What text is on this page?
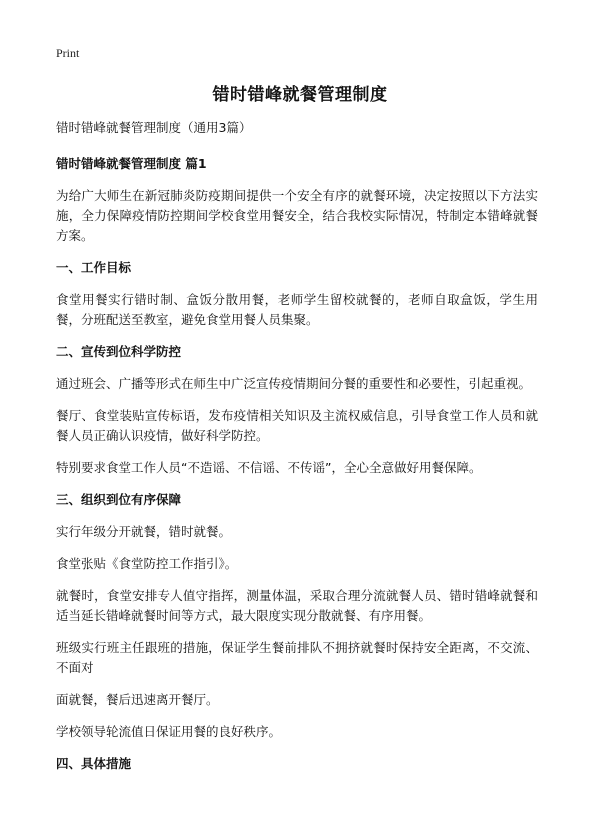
Print
错时错峰就餐管理制度

错时错峰就餐管理制度（通用3篇）

错时错峰就餐管理制度 篇1

为给广大师生在新冠肺炎防疫期间提供一个安全有序的就餐环境，决定按照以下方法实施，全力保障疫情防控期间学校食堂用餐安全，结合我校实际情况，特制定本错峰就餐方案。

一、工作目标

食堂用餐实行错时制、盒饭分散用餐，老师学生留校就餐的，老师自取盒饭，学生用餐，分班配送至教室，避免食堂用餐人员集聚。

二、宣传到位科学防控

通过班会、广播等形式在师生中广泛宣传疫情期间分餐的重要性和必要性，引起重视。

餐厅、食堂装贴宣传标语，发布疫情相关知识及主流权威信息，引导食堂工作人员和就餐人员正确认识疫情，做好科学防控。

特别要求食堂工作人员“不造谣、不信谣、不传谣”，全心全意做好用餐保障。

三、组织到位有序保障

实行年级分开就餐，错时就餐。

食堂张贴《食堂防控工作指引》。

就餐时，食堂安排专人值守指挥，测量体温，采取合理分流就餐人员、错时错峰就餐和适当延长错峰就餐时间等方式，最大限度实现分散就餐、有序用餐。

班级实行班主任跟班的措施，保证学生餐前排队不拥挤就餐时保持安全距离，不交流、不面对

面就餐，餐后迅速离开餐厅。

学校领导轮流值日保证用餐的良好秩序。

四、具体措施
